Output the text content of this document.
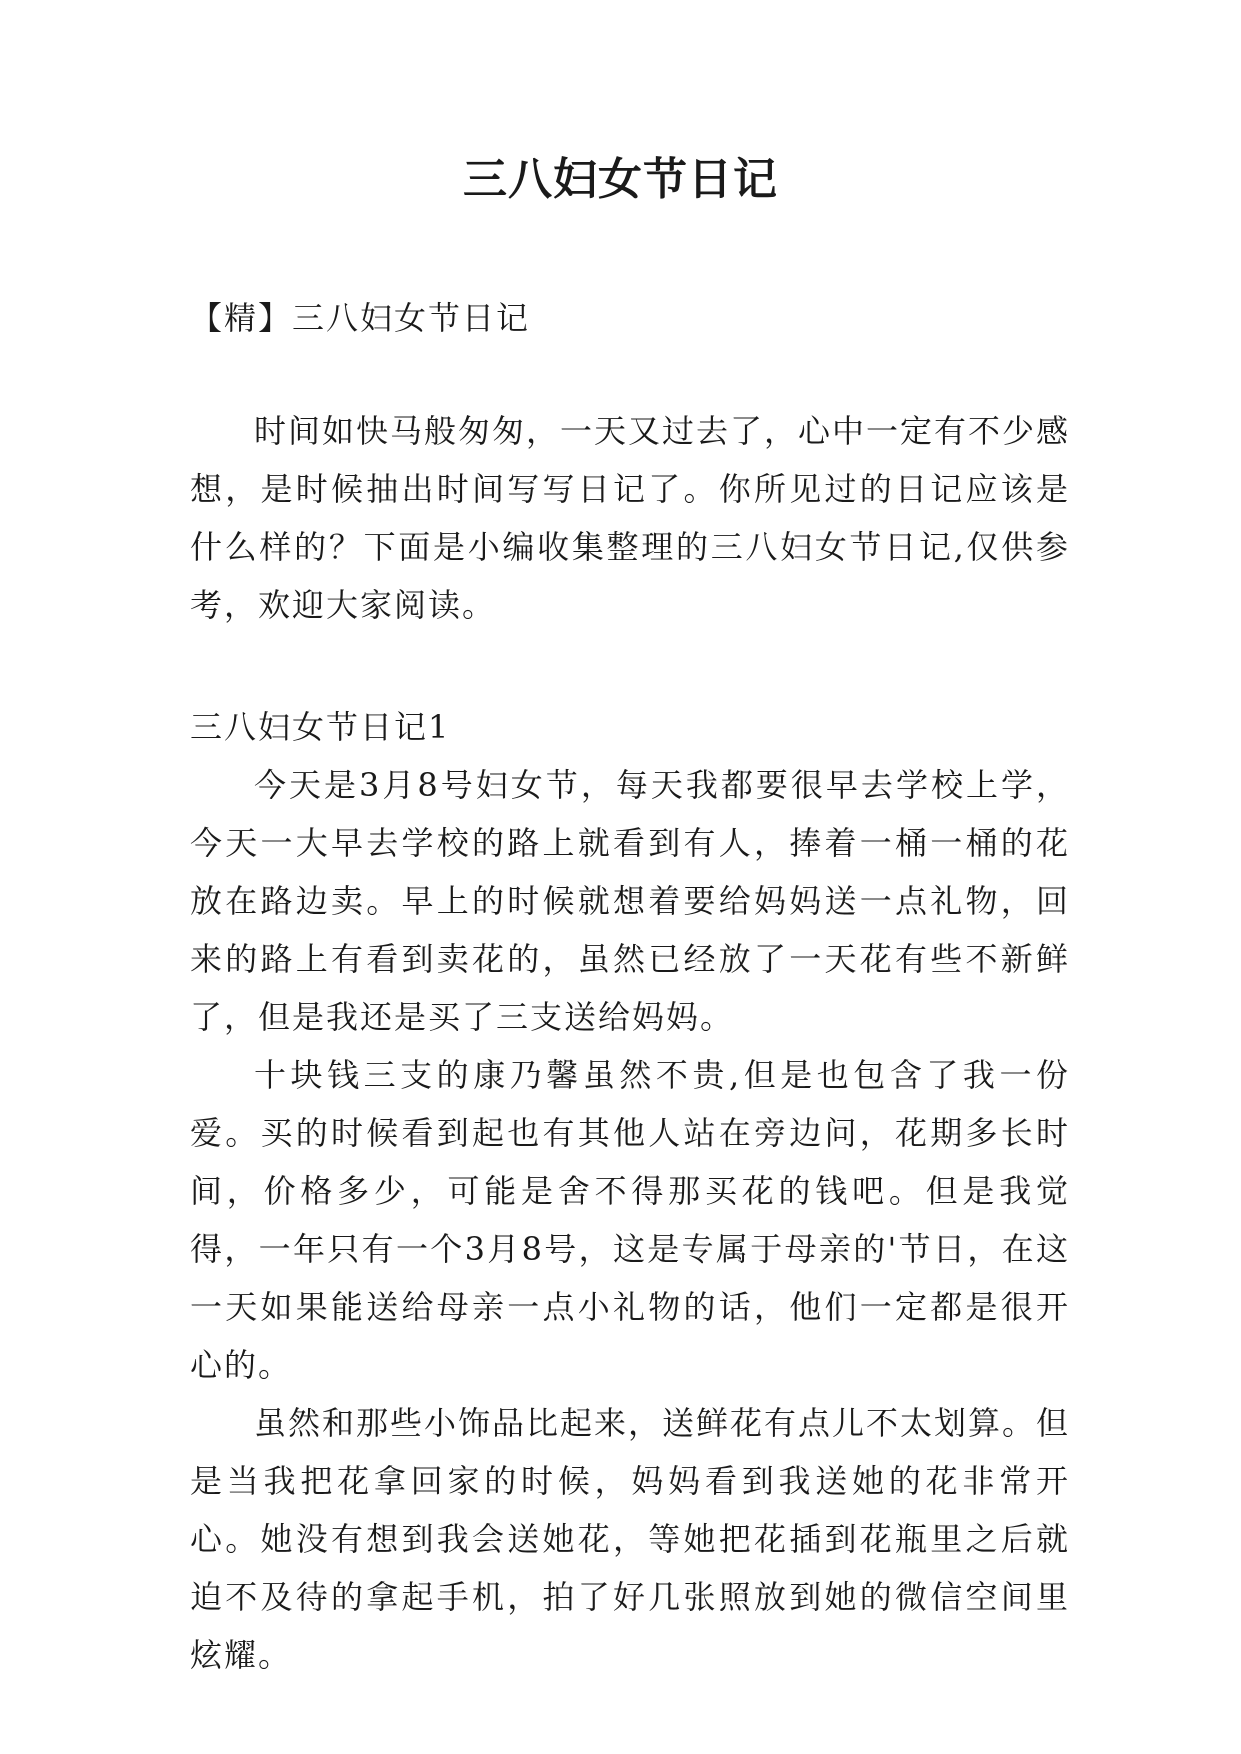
三八妇女节日记
【精】三八妇女节日记

时间如快马般匆匆，一天又过去了，心中一定有不少感想，是时候抽出时间写写日记了。你所见过的日记应该是什么样的？下面是小编收集整理的三八妇女节日记,仅供参考，欢迎大家阅读。

三八妇女节日记1

今天是3月8号妇女节，每天我都要很早去学校上学，今天一大早去学校的路上就看到有人，捧着一桶一桶的花放在路边卖。早上的时候就想着要给妈妈送一点礼物，回来的路上有看到卖花的，虽然已经放了一天花有些不新鲜了，但是我还是买了三支送给妈妈。

十块钱三支的康乃馨虽然不贵,但是也包含了我一份爱。买的时候看到起也有其他人站在旁边问，花期多长时间，价格多少，可能是舍不得那买花的钱吧。但是我觉得，一年只有一个3月8号，这是专属于母亲的'节日，在这一天如果能送给母亲一点小礼物的话，他们一定都是很开心的。

虽然和那些小饰品比起来，送鲜花有点儿不太划算。但是当我把花拿回家的时候，妈妈看到我送她的花非常开心。她没有想到我会送她花，等她把花插到花瓶里之后就迫不及待的拿起手机，拍了好几张照放到她的微信空间里炫耀。
